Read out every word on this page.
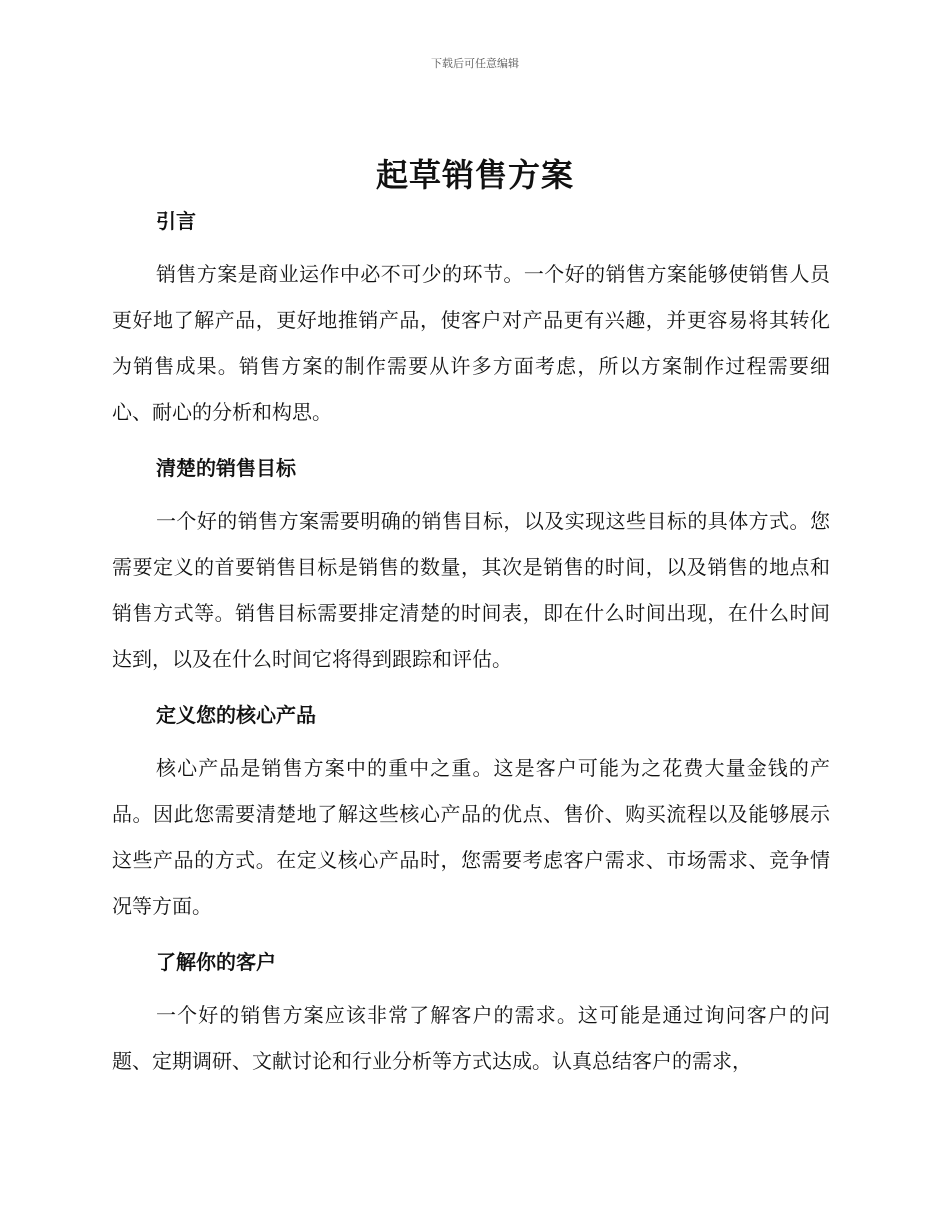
下载后可任意编辑
起草销售方案
引言

销售方案是商业运作中必不可少的环节。一个好的销售方案能够使销售人员更好地了解产品，更好地推销产品，使客户对产品更有兴趣，并更容易将其转化为销售成果。销售方案的制作需要从许多方面考虑，所以方案制作过程需要细心、耐心的分析和构思。

清楚的销售目标

一个好的销售方案需要明确的销售目标，以及实现这些目标的具体方式。您需要定义的首要销售目标是销售的数量，其次是销售的时间，以及销售的地点和销售方式等。销售目标需要排定清楚的时间表，即在什么时间出现，在什么时间达到，以及在什么时间它将得到跟踪和评估。

定义您的核心产品

核心产品是销售方案中的重中之重。这是客户可能为之花费大量金钱的产品。因此您需要清楚地了解这些核心产品的优点、售价、购买流程以及能够展示这些产品的方式。在定义核心产品时，您需要考虑客户需求、市场需求、竞争情况等方面。

了解你的客户

一个好的销售方案应该非常了解客户的需求。这可能是通过询问客户的问题、定期调研、文献讨论和行业分析等方式达成。认真总结客户的需求，
